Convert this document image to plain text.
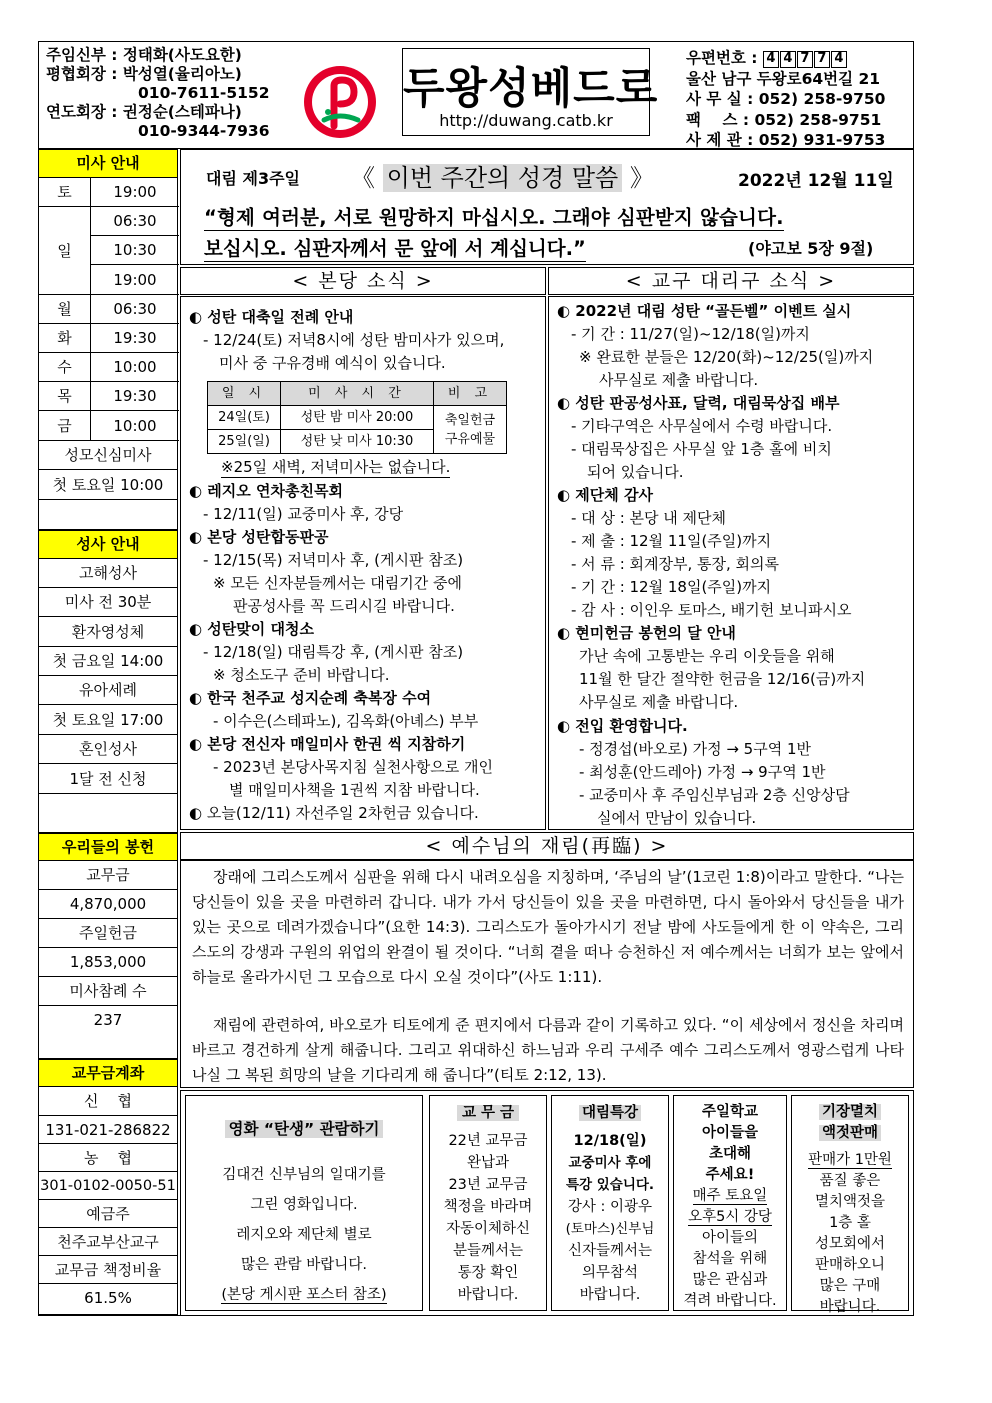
주임신부 : 정태화(사도요한)
평협회장 : 박성열(율리아노)
010-7611-5152
연도회장 : 권정순(스테파나)
010-9344-7936
두왕성베드로
http://duwang.catb.kr
우편번호 : 4 4 7 7 4
울산 남구 두왕로64번길 21
사 무 실 : 052) 258-9750
팩    스 : 052) 258-9751
사 제 관 : 052) 931-9753
미사 안내
토	19:00
일
06:30
10:30
19:00
월	06:30
화	19:30
수	10:00
목	19:30
금	10:00
성모신심미사
첫 토요일 10:00
성사 안내
고해성사
미사 전 30분
환자영성체
첫 금요일 14:00
유아세례
첫 토요일 17:00
혼인성사
1달 전 신청
우리들의 봉헌
교무금
4,870,000
주일헌금
1,853,000
미사참례 수
237
교무금계좌
신    협
131-021-286822
농    협
301-0102-0050-51
예금주
천주교부산교구
교무금 책정비율
61.5%
대림 제3주일 《 이번 주간의 성경 말씀 》	2022년 12월 11일
“형제 여러분, 서로 원망하지 마십시오. 그래야 심판받지 않습니다.
보십시오. 심판자께서 문 앞에 서 계십니다.”	(야고보 5장 9절)
< 본당 소식 >	< 교구 대리구 소식 >
◐ 성탄 대축일 전례 안내
- 12/24(토) 저녁8시에 성탄 밤미사가 있으며,
미사 중 구유경배 예식이 있습니다.
일 시	미 사 시 간	비 고
24일(토)	성탄 밤 미사 20:00	축일헌금
구유예물

25일(일)	성탄 낮 미사 10:30	
※25일 새벽, 저녁미사는 없습니다.
◐ 레지오 연차총친목회
- 12/11(일) 교중미사 후, 강당
◐ 본당 성탄합동판공
- 12/15(목) 저녁미사 후, (게시판 참조)
※ 모든 신자분들께서는 대림기간 중에
판공성사를 꼭 드리시길 바랍니다.
◐ 성탄맞이 대청소
- 12/18(일) 대림특강 후, (게시판 참조)
※ 청소도구 준비 바랍니다.
◐ 한국 천주교 성지순례 축복장 수여
- 이수은(스테파노), 김옥화(아녜스) 부부
◐ 본당 전신자 매일미사 한권 씩 지참하기
- 2023년 본당사목지침 실천사항으로 개인
별 매일미사책을 1권씩 지참 바랍니다.
◐ 오늘(12/11) 자선주일 2차헌금 있습니다.
◐ 2022년 대림 성탄 “골든벨” 이벤트 실시
- 기 간 : 11/27(일)~12/18(일)까지
※ 완료한 분들은 12/20(화)~12/25(일)까지
사무실로 제출 바랍니다.
◐ 성탄 판공성사표, 달력, 대림묵상집 배부
- 기타구역은 사무실에서 수령 바랍니다.
- 대림묵상집은 사무실 앞 1층 홀에 비치
되어 있습니다.
◐ 제단체 감사
- 대 상 : 본당 내 제단체
- 제 출 : 12월 11일(주일)까지
- 서 류 : 회계장부, 통장, 회의록
- 기 간 : 12월 18일(주일)까지
- 감 사 : 이인우 토마스, 배기헌 보니파시오
◐ 현미헌금 봉헌의 달 안내
가난 속에 고통받는 우리 이웃들을 위해
11월 한 달간 절약한 헌금을 12/16(금)까지
사무실로 제출 바랍니다.
◐ 전입 환영합니다.
- 정경섭(바오로) 가정 → 5구역 1반
- 최성훈(안드레아) 가정 → 9구역 1반
- 교중미사 후 주임신부님과 2층 신앙상담
실에서 만남이 있습니다.
< 예수님의 재림(再臨) >

장래에 그리스도께서 심판을 위해 다시 내려오심을 지칭하며, ‘주님의 날’(1코린 1:8)이라고 말한다. “나는 당신들이 있을 곳을 마련하러 갑니다. 내가 가서 당신들이 있을 곳을 마련하면, 다시 돌아와서 당신들을 내가 있는 곳으로 데려가겠습니다”(요한 14:3). 그리스도가 돌아가시기 전날 밤에 사도들에게 한 이 약속은, 그리스도의 강생과 구원의 위업의 완결이 될 것이다. “너희 곁을 떠나 승천하신 저 예수께서는 너희가 보는 앞에서 하늘로 올라가시던 그 모습으로 다시 오실 것이다”(사도 1:11).

재림에 관련하여, 바오로가 티토에게 준 편지에서 다름과 같이 기록하고 있다. “이 세상에서 정신을 차리며 바르고 경건하게 살게 해줍니다. 그리고 위대하신 하느님과 우리 구세주 예수 그리스도께서 영광스럽게 나타나실 그 복된 희망의 날을 기다리게 해 줍니다”(티토 2:12, 13).

영화 “탄생” 관람하기
김대건 신부님의 일대기를
그린 영화입니다.
레지오와 제단체 별로
많은 관람 바랍니다.
(본당 게시판 포스터 참조)
교 무 금
22년 교무금
완납과
23년 교무금
책정을 바라며
자동이체하신
분들께서는
통장 확인
바랍니다.
대림특강
12/18(일)
교중미사 후에
특강 있습니다.
강사 : 이광우
(토마스)신부님
신자들께서는
의무참석
바랍니다.
주일학교
아이들을
초대해
주세요!
매주 토요일
오후5시 강당
아이들의
참석을 위해
많은 관심과
격려 바랍니다.
기장멸치
액젓판매
판매가 1만원
품질 좋은
멸치액젓을
1층 홀
성모회에서
판매하오니
많은 구매
바랍니다.
